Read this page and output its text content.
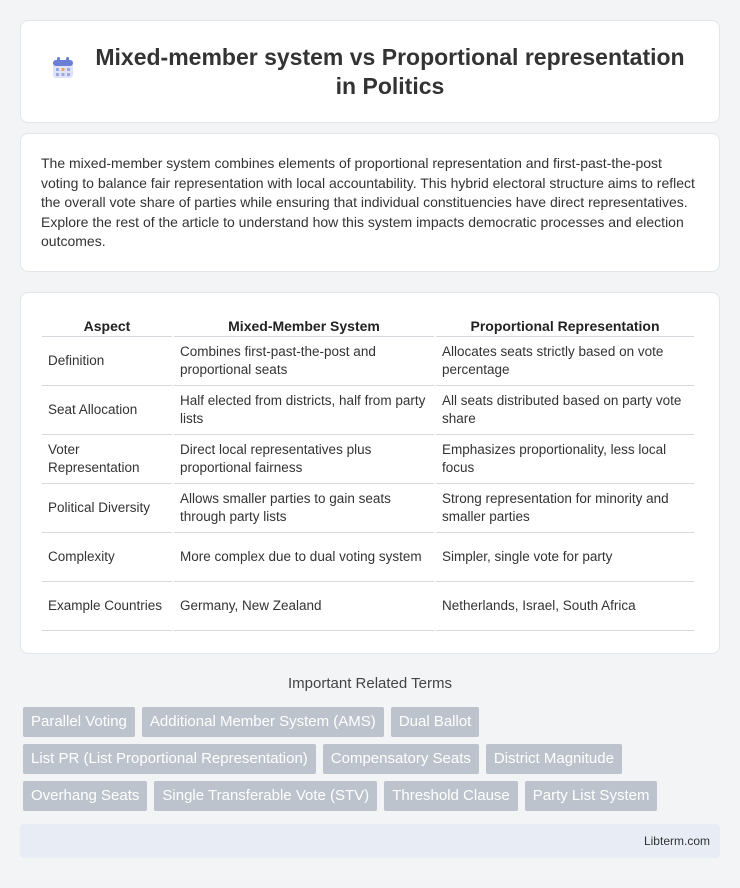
Mixed-member system vs Proportional representation in Politics

The mixed-member system combines elements of proportional representation and first-past-the-post voting to balance fair representation with local accountability. This hybrid electoral structure aims to reflect the overall vote share of parties while ensuring that individual constituencies have direct representatives. Explore the rest of the article to understand how this system impacts democratic processes and election outcomes.

Aspect	Mixed-Member System	Proportional Representation
Definition	Combines first-past-the-post and proportional seats	Allocates seats strictly based on vote percentage
Seat Allocation	Half elected from districts, half from party lists	All seats distributed based on party vote share
Voter Representation	Direct local representatives plus proportional fairness	Emphasizes proportionality, less local focus
Political Diversity	Allows smaller parties to gain seats through party lists	Strong representation for minority and smaller parties
Complexity	More complex due to dual voting system	Simpler, single vote for party
Example Countries	Germany, New Zealand	Netherlands, Israel, South Africa
Important Related Terms
Parallel Voting	Additional Member System (AMS)	Dual Ballot
List PR (List Proportional Representation)	Compensatory Seats	District Magnitude
Overhang Seats	Single Transferable Vote (STV)	Threshold Clause	Party List System
Libterm.com
